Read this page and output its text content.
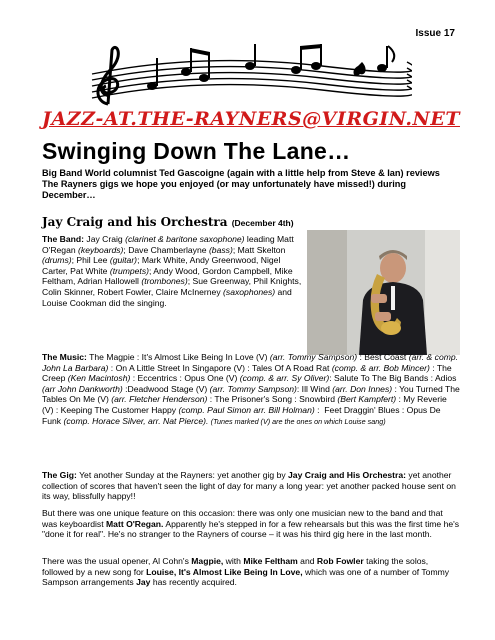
Issue 17
JAZZ-AT.THE-RAYNERS@VIRGIN.NET
Swinging Down The Lane…
Big Band World columnist Ted Gascoigne (again with a little help from Steve & Ian) reviews The Rayners gigs we hope you enjoyed (or may unfortunately have missed!) during December…
Jay Craig and his Orchestra (December 4th)
The Band: Jay Craig (clarinet & baritone saxophone) leading Matt O'Regan (keyboards); Dave Chamberlayne (bass); Matt Skelton (drums); Phil Lee (guitar); Mark White, Andy Greenwood, Nigel Carter, Pat White (trumpets); Andy Wood, Gordon Campbell, Mike Feltham, Adrian Hallowell (trombones); Sue Greenway, Phil Knights, Colin Skinner, Robert Fowler, Claire McInerney (saxophones) and Louise Cookman did the singing.
The Music: The Magpie : It's Almost Like Being In Love (V) (arr. Tommy Sampson) : Best Coast (arr. & comp. John La Barbara) : On A Little Street In Singapore (V) : Tales Of A Road Rat (comp. & arr. Bob Mincer) : The Creep (Ken Macintosh) : Eccentrics : Opus One (V) (comp. & arr. Sy Oliver): Salute To The Big Bands : Adios (arr John Dankworth) :Deadwood Stage (V) (arr. Tommy Sampson): Ill Wind (arr. Don Innes) : You Turned The Tables On Me (V) (arr. Fletcher Henderson) : The Prisoner's Song : Snowbird (Bert Kampfert) : My Reverie (V) : Keeping The Customer Happy (comp. Paul Simon arr. Bill Holman) :  Feet Draggin' Blues : Opus De Funk (comp. Horace Silver, arr. Nat Pierce). (Tunes marked (V) are the ones on which Louise sang)
The Gig: Yet another Sunday at the Rayners: yet another gig by Jay Craig and His Orchestra: yet another collection of scores that haven't seen the light of day for many a long year: yet another packed house sent on its way, blissfully happy!!
But there was one unique feature on this occasion: there was only one musician new to the band and that was keyboardist Matt O'Regan. Apparently he's stepped in for a few rehearsals but this was the first time he's "done it for real". He's no stranger to the Rayners of course – it was his third gig here in the last month.
There was the usual opener, Al Cohn's Magpie, with Mike Feltham and Rob Fowler taking the solos, followed by a new song for Louise, It's Almost Like Being In Love, which was one of a number of Tommy Sampson arrangements Jay has recently acquired.
